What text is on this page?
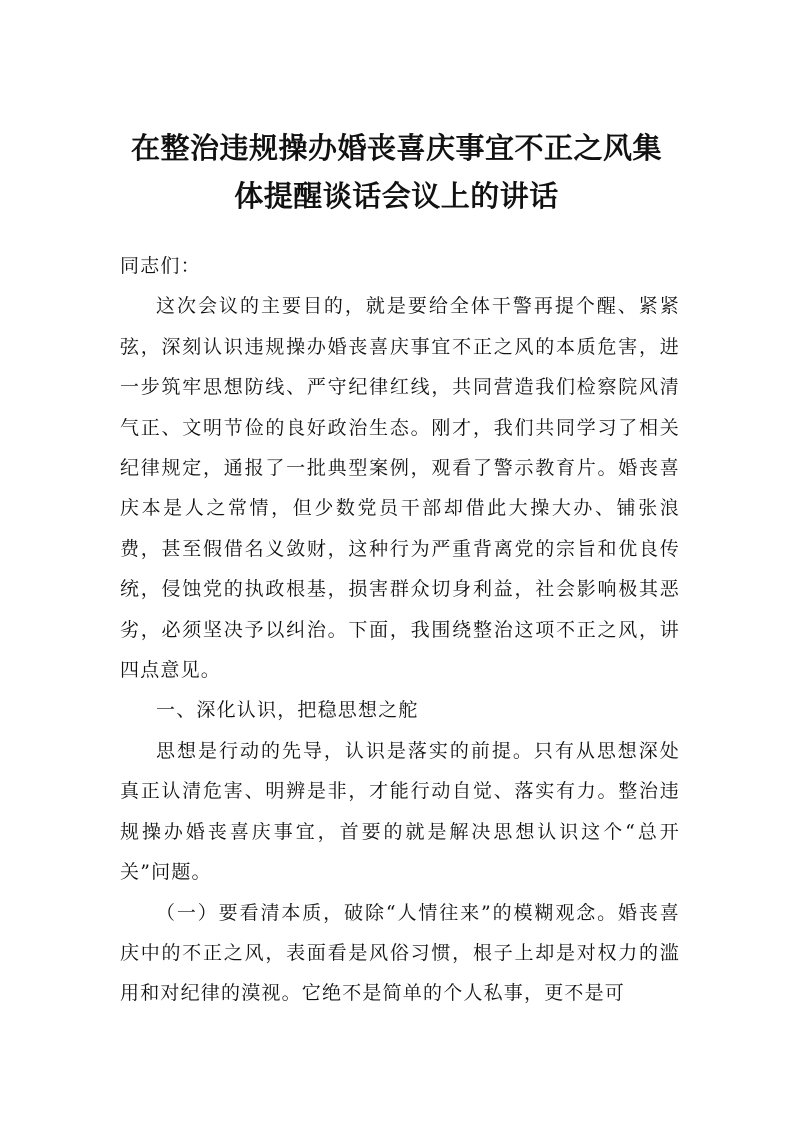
在整治违规操办婚丧喜庆事宜不正之风集
体提醒谈话会议上的讲话

同志们：

这次会议的主要目的，就是要给全体干警再提个醒、紧紧弦，深刻认识违规操办婚丧喜庆事宜不正之风的本质危害，进一步筑牢思想防线、严守纪律红线，共同营造我们检察院风清气正、文明节俭的良好政治生态。刚才，我们共同学习了相关纪律规定，通报了一批典型案例，观看了警示教育片。婚丧喜庆本是人之常情，但少数党员干部却借此大操大办、铺张浪费，甚至假借名义敛财，这种行为严重背离党的宗旨和优良传统，侵蚀党的执政根基，损害群众切身利益，社会影响极其恶劣，必须坚决予以纠治。下面，我围绕整治这项不正之风，讲四点意见。

一、深化认识，把稳思想之舵

思想是行动的先导，认识是落实的前提。只有从思想深处真正认清危害、明辨是非，才能行动自觉、落实有力。整治违规操办婚丧喜庆事宜，首要的就是解决思想认识这个“总开关”问题。

（一）要看清本质，破除“人情往来”的模糊观念。婚丧喜庆中的不正之风，表面看是风俗习惯，根子上却是对权力的滥用和对纪律的漠视。它绝不是简单的个人私事，更不是可
